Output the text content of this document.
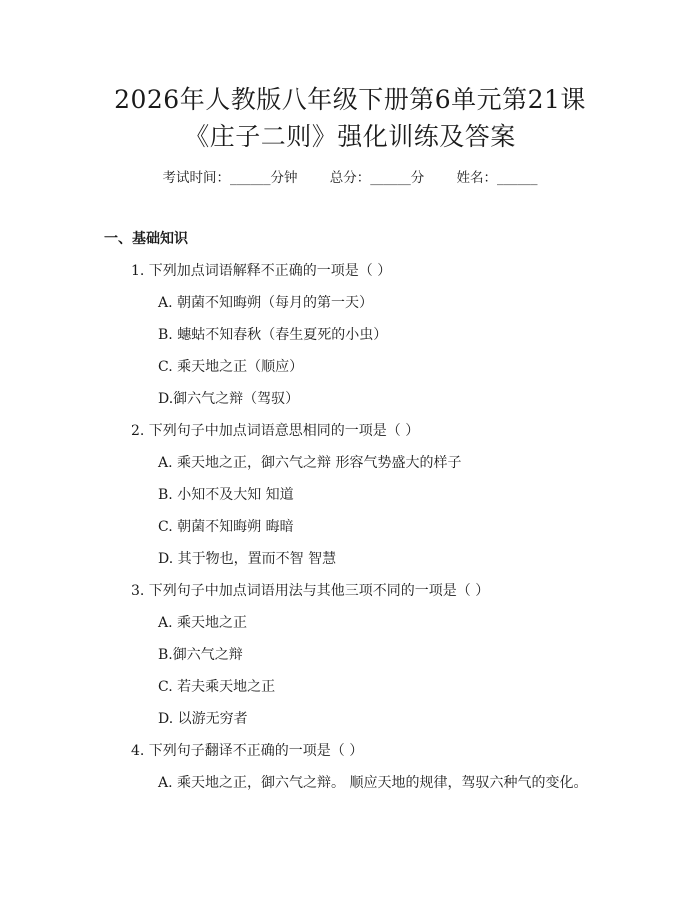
2026年人教版八年级下册第6单元第21课
《庄子二则》强化训练及答案
考试时间：______分钟 总分：______分 姓名：______
一、基础知识
1. 下列加点词语解释不正确的一项是（ ）
A. 朝菌不知晦朔（每月的第一天）
B. 蟪蛄不知春秋（春生夏死的小虫）
C. 乘天地之正（顺应）
D.御六气之辩（驾驭）
2. 下列句子中加点词语意思相同的一项是（ ）
A. 乘天地之正，御六气之辩 形容气势盛大的样子
B. 小知不及大知 知道
C. 朝菌不知晦朔 晦暗
D. 其于物也，置而不智 智慧
3. 下列句子中加点词语用法与其他三项不同的一项是（ ）
A. 乘天地之正
B.御六气之辩
C. 若夫乘天地之正
D. 以游无穷者
4. 下列句子翻译不正确的一项是（ ）
A. 乘天地之正，御六气之辩。 顺应天地的规律，驾驭六种气的变化。
